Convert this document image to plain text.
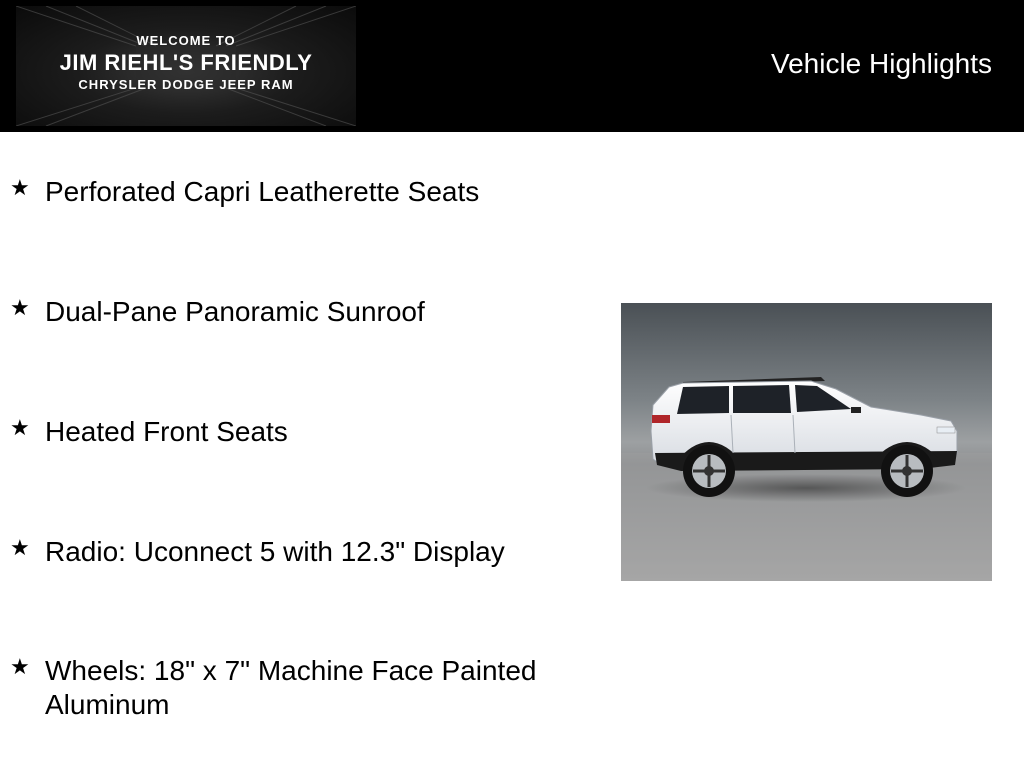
WELCOME TO
JIM RIEHL'S FRIENDLY
CHRYSLER DODGE JEEP RAM
Vehicle Highlights
★ Perforated Capri Leatherette Seats
★ Dual-Pane Panoramic Sunroof
★ Heated Front Seats
★ Radio: Uconnect 5 with 12.3" Display
★ Wheels: 18" x 7" Machine Face Painted Aluminum
